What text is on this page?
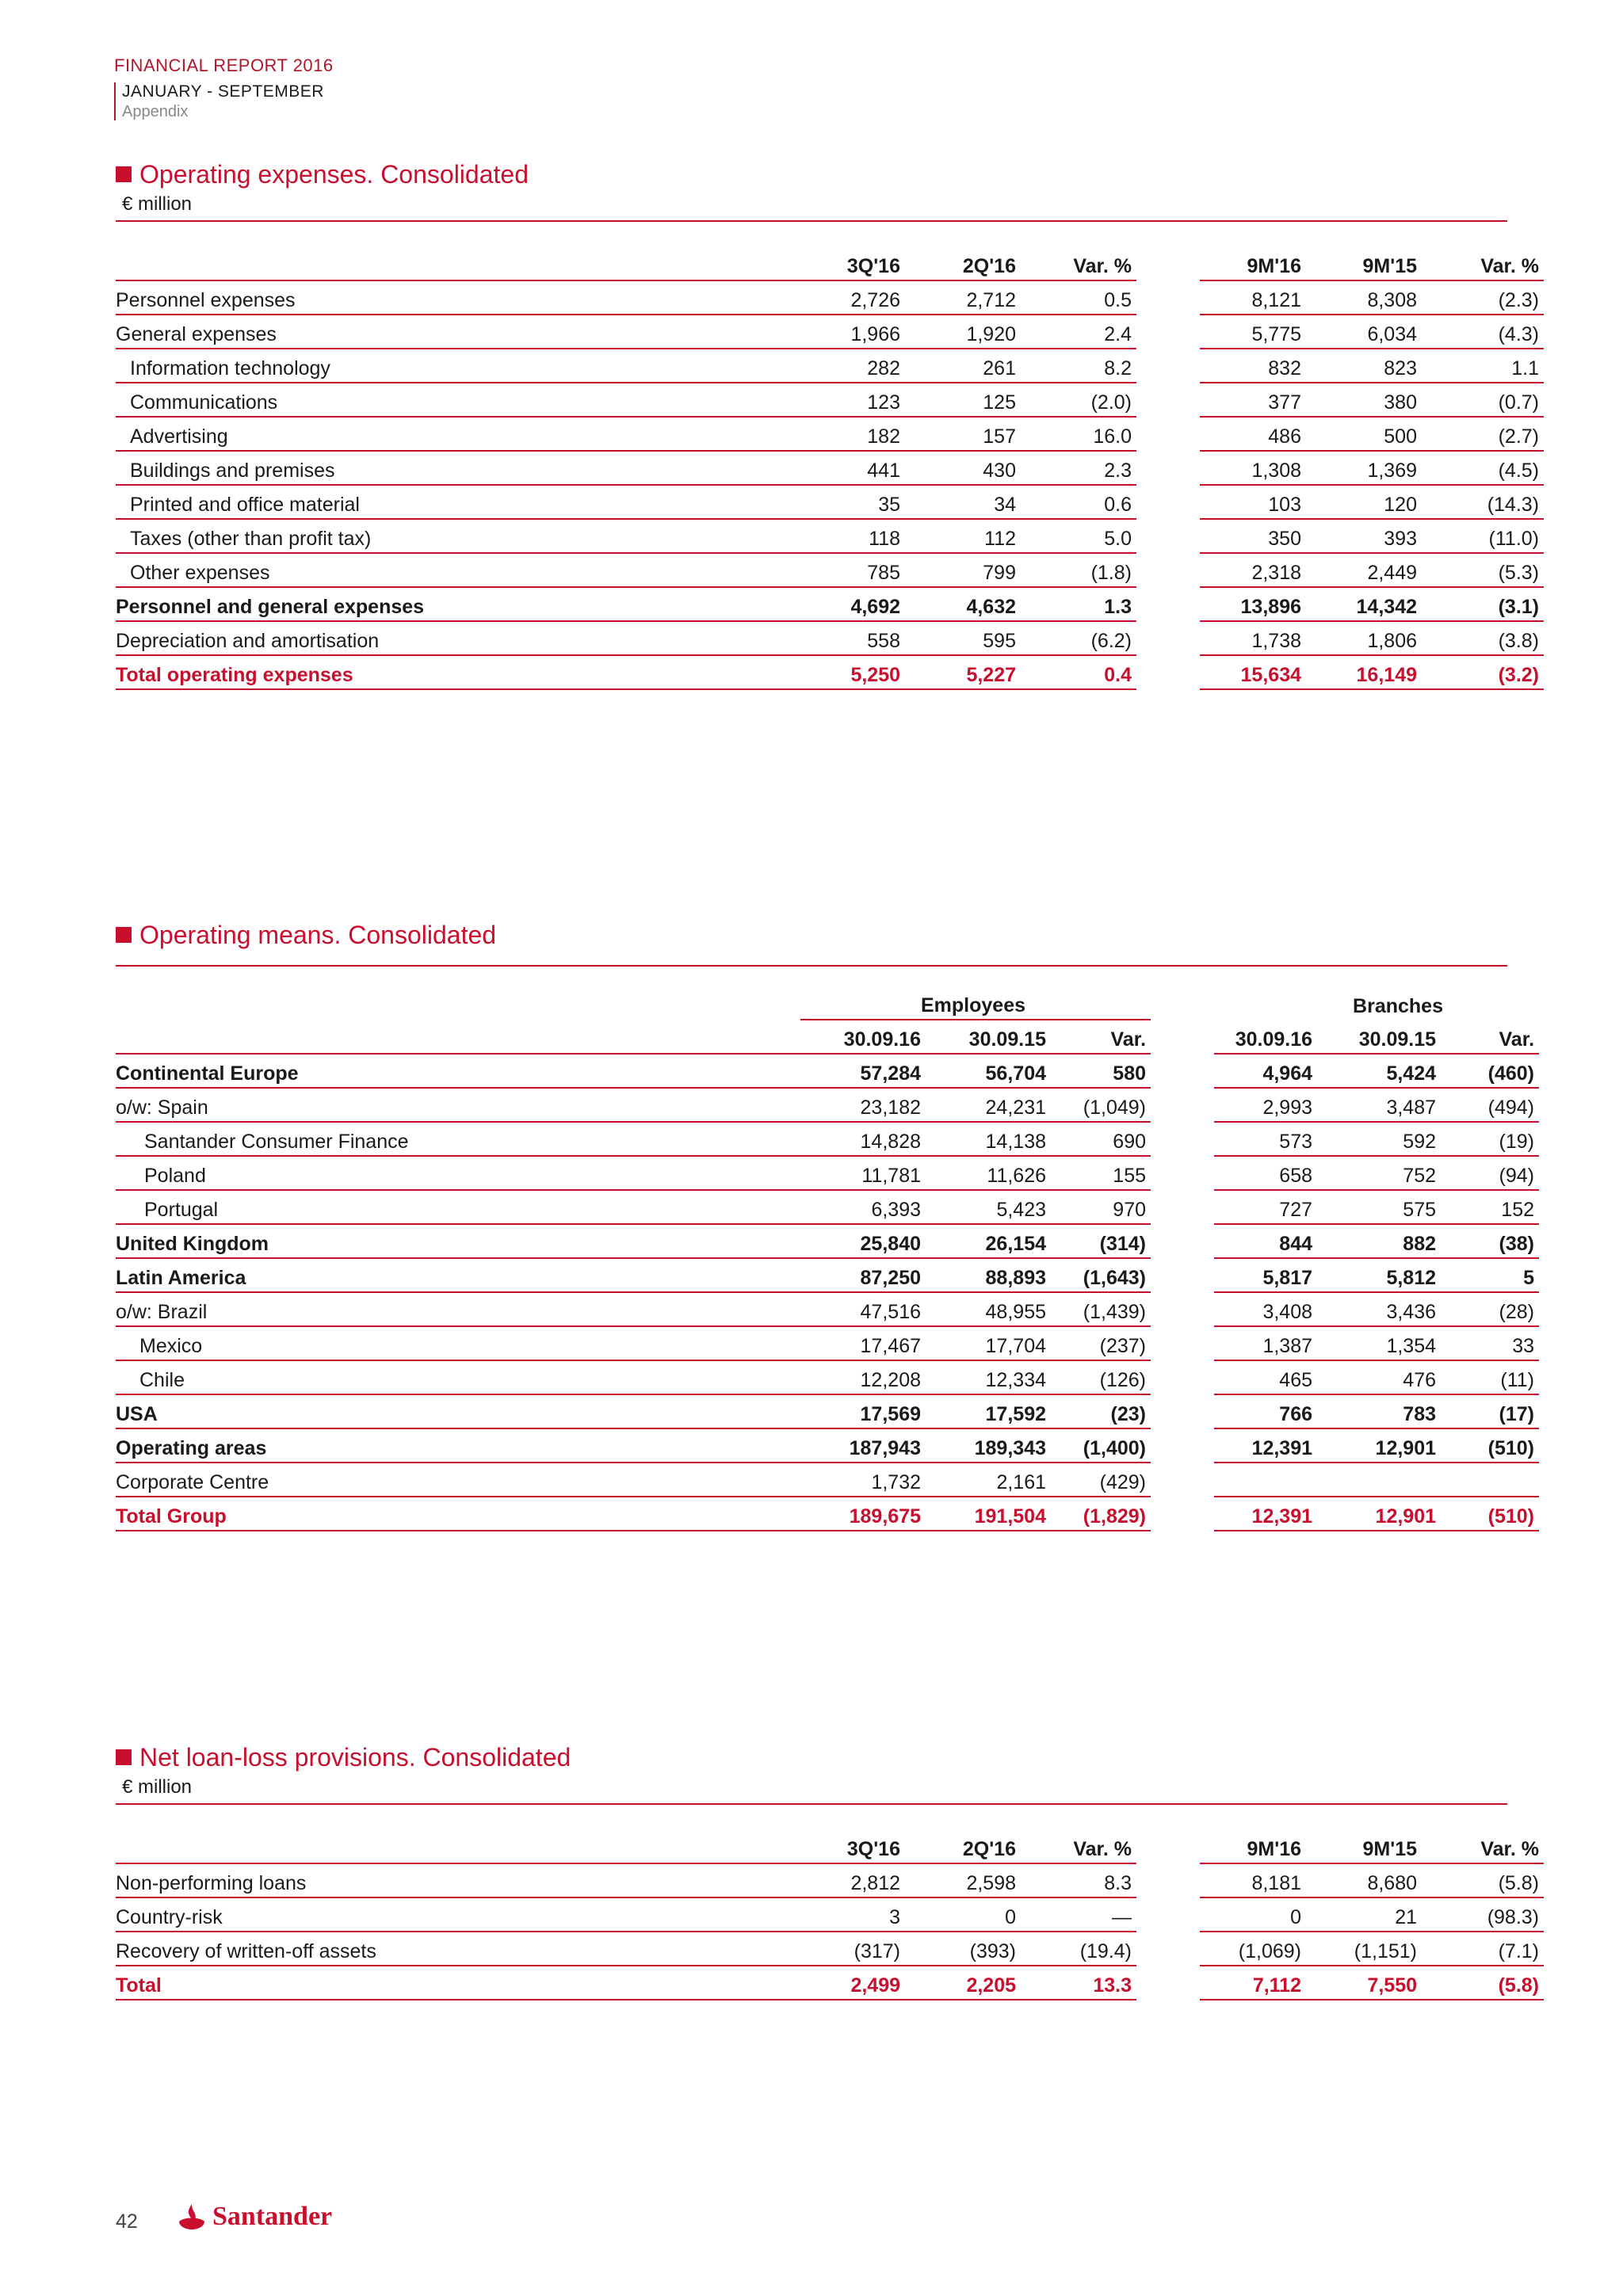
FINANCIAL REPORT 2016
JANUARY - SEPTEMBER
Appendix
Operating expenses. Consolidated
€ million
	3Q'16	2Q'16	Var. %		9M'16	9M'15	Var. %
Personnel expenses	2,726	2,712	0.5		8,121	8,308	(2.3)
General expenses	1,966	1,920	2.4		5,775	6,034	(4.3)
Information technology	282	261	8.2		832	823	1.1
Communications	123	125	(2.0)		377	380	(0.7)
Advertising	182	157	16.0		486	500	(2.7)
Buildings and premises	441	430	2.3		1,308	1,369	(4.5)
Printed and office material	35	34	0.6		103	120	(14.3)
Taxes (other than profit tax)	118	112	5.0		350	393	(11.0)
Other expenses	785	799	(1.8)		2,318	2,449	(5.3)
Personnel and general expenses	4,692	4,632	1.3		13,896	14,342	(3.1)
Depreciation and amortisation	558	595	(6.2)		1,738	1,806	(3.8)
Total operating expenses	5,250	5,227	0.4		15,634	16,149	(3.2)
Operating means. Consolidated
	Employees				Branches		
	30.09.16	30.09.15	Var.		30.09.16	30.09.15	Var.
Continental Europe	57,284	56,704	580		4,964	5,424	(460)
o/w: Spain	23,182	24,231	(1,049)		2,993	3,487	(494)
Santander Consumer Finance	14,828	14,138	690		573	592	(19)
Poland	11,781	11,626	155		658	752	(94)
Portugal	6,393	5,423	970		727	575	152
United Kingdom	25,840	26,154	(314)		844	882	(38)
Latin America	87,250	88,893	(1,643)		5,817	5,812	5
o/w: Brazil	47,516	48,955	(1,439)		3,408	3,436	(28)
Mexico	17,467	17,704	(237)		1,387	1,354	33
Chile	12,208	12,334	(126)		465	476	(11)
USA	17,569	17,592	(23)		766	783	(17)
Operating areas	187,943	189,343	(1,400)		12,391	12,901	(510)
Corporate Centre	1,732	2,161	(429)				
Total Group	189,675	191,504	(1,829)		12,391	12,901	(510)
Net loan-loss provisions. Consolidated
€ million
	3Q'16	2Q'16	Var. %		9M'16	9M'15	Var. %
Non-performing loans	2,812	2,598	8.3		8,181	8,680	(5.8)
Country-risk	3	0	—		0	21	(98.3)
Recovery of written-off assets	(317)	(393)	(19.4)		(1,069)	(1,151)	(7.1)
Total	2,499	2,205	13.3		7,112	7,550	(5.8)
42	Santander
